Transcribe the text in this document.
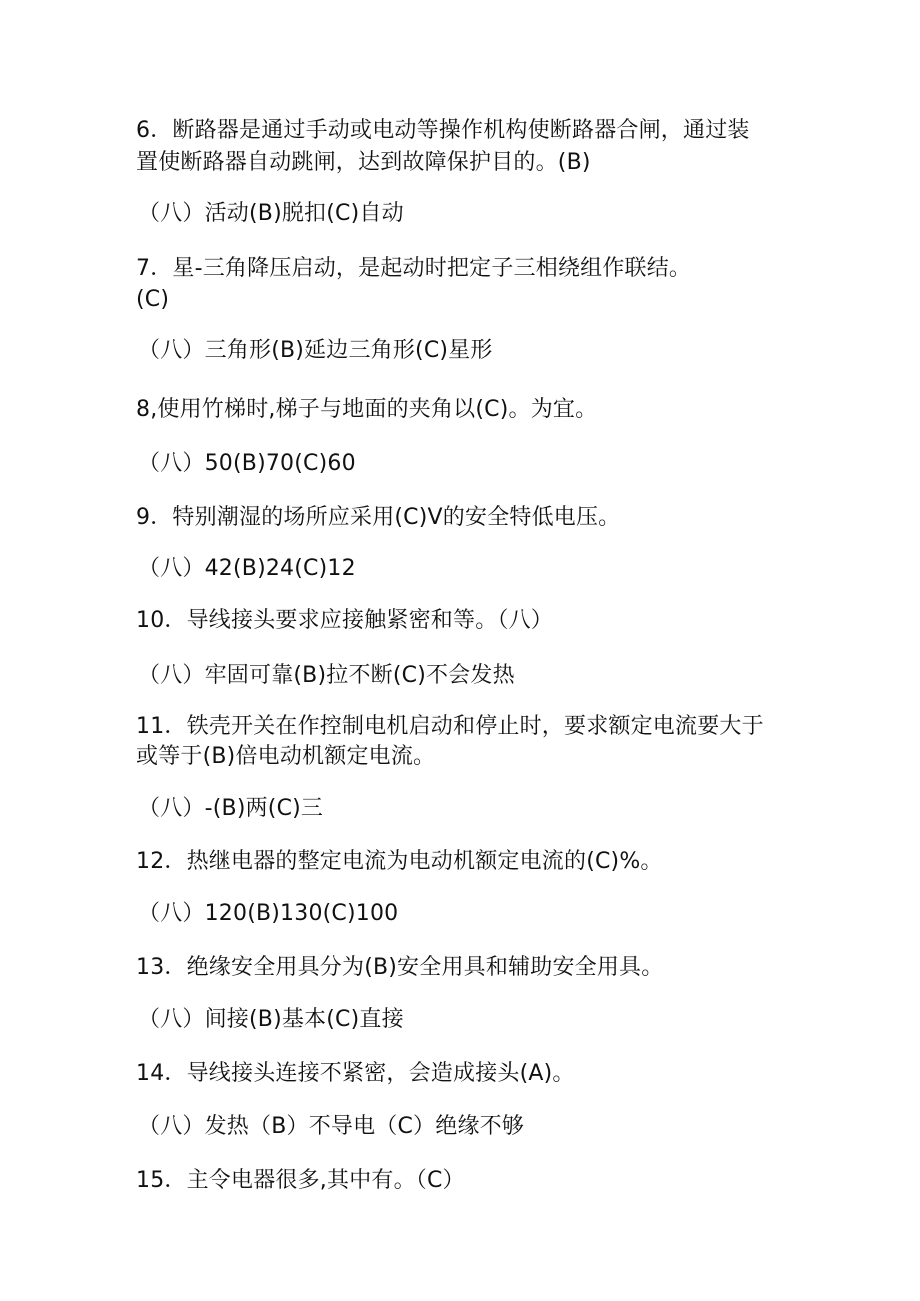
6．断路器是通过手动或电动等操作机构使断路器合闸，通过装
置使断路器自动跳闸，达到故障保护目的。(B)
（八）活动(B)脱扣(C)自动
7．星-三角降压启动，是起动时把定子三相绕组作联结。
(C)
（八）三角形(B)延边三角形(C)星形
8,使用竹梯时,梯子与地面的夹角以(C)。为宜。
（八）50(B)70(C)60
9．特别潮湿的场所应采用(C)V的安全特低电压。
（八）42(B)24(C)12
10．导线接头要求应接触紧密和等。（八）
（八）牢固可靠(B)拉不断(C)不会发热
11．铁壳开关在作控制电机启动和停止时，要求额定电流要大于
或等于(B)倍电动机额定电流。
（八）-(B)两(C)三
12．热继电器的整定电流为电动机额定电流的(C)%。
（八）120(B)130(C)100
13．绝缘安全用具分为(B)安全用具和辅助安全用具。
（八）间接(B)基本(C)直接
14．导线接头连接不紧密，会造成接头(A)。
（八）发热（B）不导电（C）绝缘不够
15．主令电器很多,其中有。（C）
